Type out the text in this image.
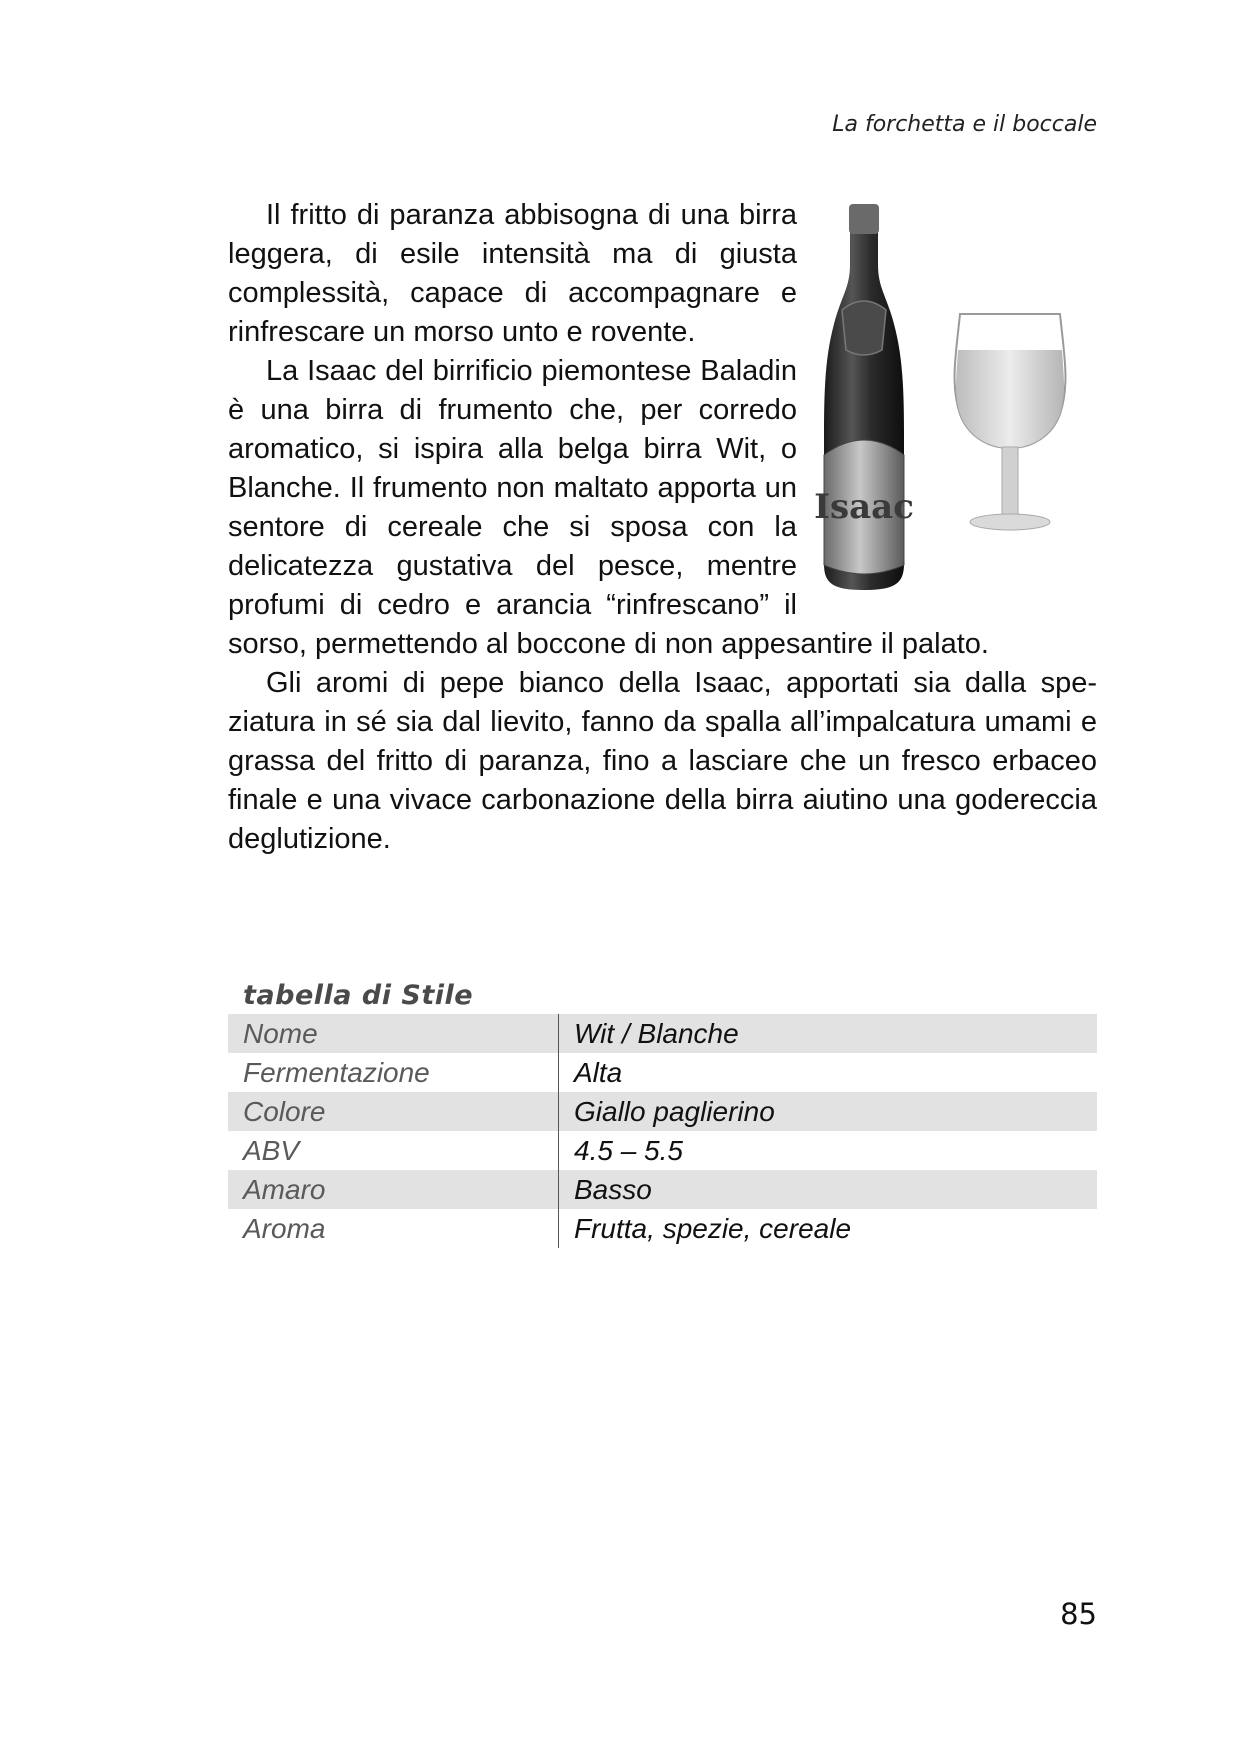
La forchetta e il boccale
Isaac

Il fritto di paranza abbisogna di una birra leggera, di esile intensità ma di giusta complessità, capace di accompagnare e rinfrescare un morso unto e rovente.

La Isaac del birrificio piemontese Baladin è una birra di frumento che, per corredo aromatico, si ispira alla belga birra Wit, o Blanche. Il frumento non maltato apporta un sentore di cereale che si sposa con la delicatezza gustativa del pesce, mentre profumi di cedro e arancia “rinfrescano” il sorso, permettendo al boccone di non appesantire il palato.

Gli aromi di pepe bianco della Isaac, apportati sia dalla speziatura in sé sia dal lievito, fanno da spalla all’impalcatura umami e grassa del fritto di paranza, fino a lasciare che un fresco erbaceo finale e una vivace carbonazione della birra aiutino una godereccia deglutizione.

tabella di Stile
Nome	Wit / Blanche
Fermentazione	Alta
Colore	Giallo paglierino
ABV	4.5 – 5.5
Amaro	Basso
Aroma	Frutta, spezie, cereale
85
